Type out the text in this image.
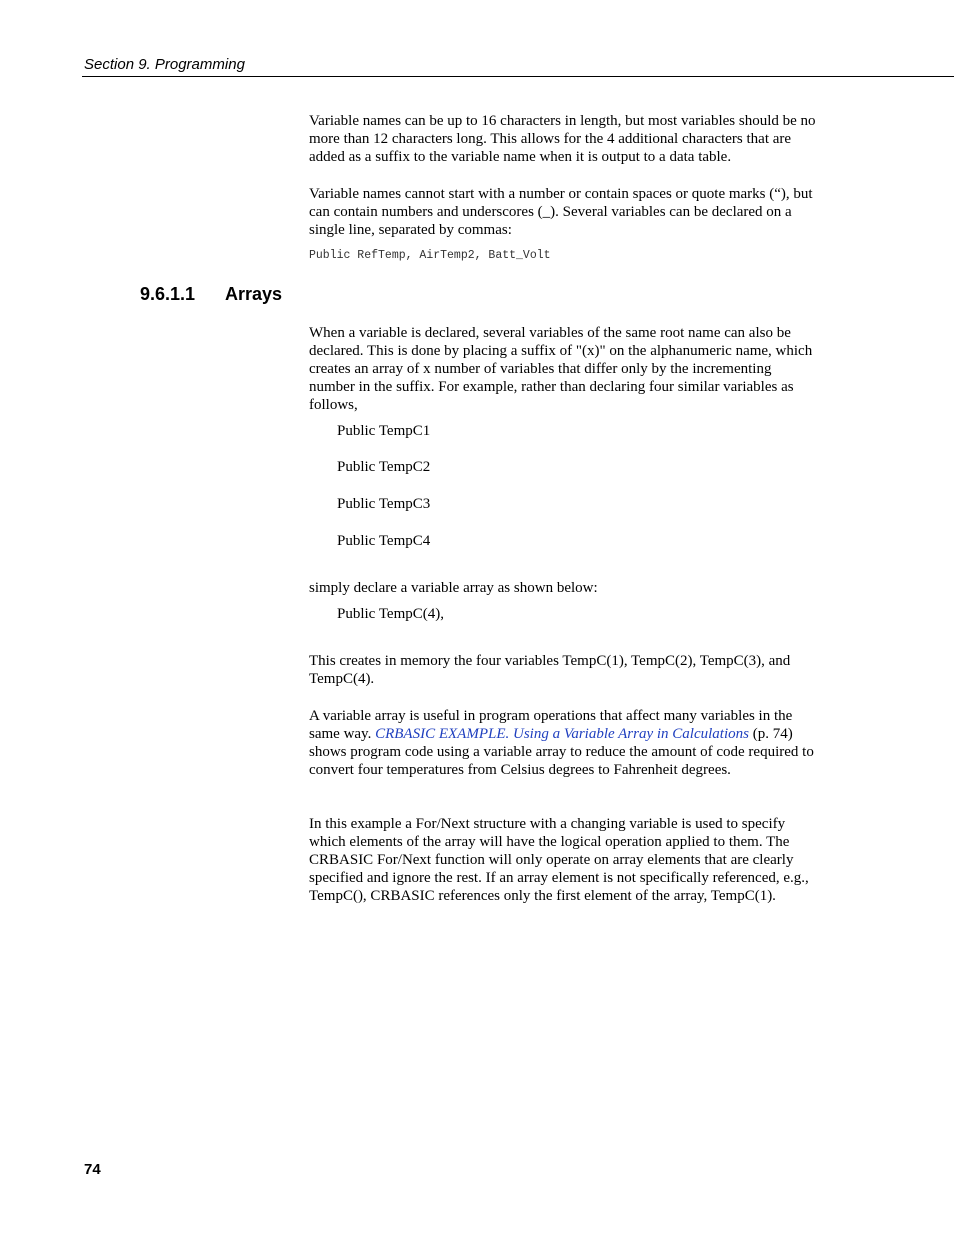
Section 9. Programming

Variable names can be up to 16 characters in length, but most variables should be no more than 12 characters long. This allows for the 4 additional characters that are added as a suffix to the variable name when it is output to a data table.

Variable names cannot start with a number or contain spaces or quote marks (“), but can contain numbers and underscores (_). Several variables can be declared on a single line, separated by commas:

Public RefTemp, AirTemp2, Batt_Volt

9.6.1.1 Arrays

When a variable is declared, several variables of the same root name can also be declared. This is done by placing a suffix of "(x)" on the alphanumeric name, which creates an array of x number of variables that differ only by the incrementing number in the suffix. For example, rather than declaring four similar variables as follows,

Public TempC1

Public TempC2

Public TempC3

Public TempC4

simply declare a variable array as shown below:

Public TempC(4),

This creates in memory the four variables TempC(1), TempC(2), TempC(3), and TempC(4).

A variable array is useful in program operations that affect many variables in the same way. CRBASIC EXAMPLE. Using a Variable Array in Calculations (p. 74) shows program code using a variable array to reduce the amount of code required to convert four temperatures from Celsius degrees to Fahrenheit degrees.

In this example a For/Next structure with a changing variable is used to specify which elements of the array will have the logical operation applied to them. The CRBASIC For/Next function will only operate on array elements that are clearly specified and ignore the rest. If an array element is not specifically referenced, e.g., TempC(), CRBASIC references only the first element of the array, TempC(1).

74
